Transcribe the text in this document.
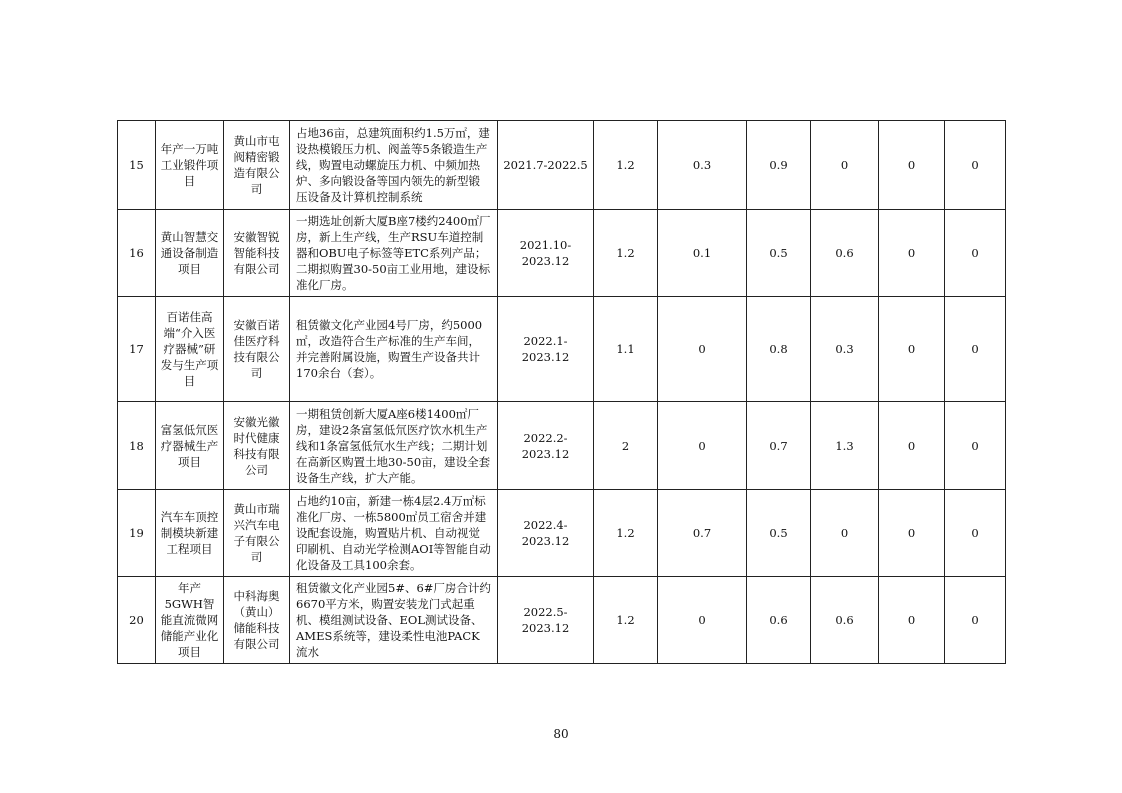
15	年产一万吨工业锻件项目	黄山市屯阀精密锻造有限公司	占地36亩，总建筑面积约1.5万㎡，建设热模锻压力机、阀盖等5条锻造生产线，购置电动螺旋压力机、中频加热炉、多向锻设备等国内领先的新型锻压设备及计算机控制系统	2021.7-2022.5	1.2	0.3	0.9	0	0	0
16	黄山智慧交通设备制造项目	安徽智锐智能科技有限公司	一期选址创新大厦B座7楼约2400㎡厂房，新上生产线，生产RSU车道控制器和OBU电子标签等ETC系列产品；二期拟购置30-50亩工业用地，建设标准化厂房。	2021.10-2023.12	1.2	0.1	0.5	0.6	0	0
17	百诺佳高端“介入医疗器械”研发与生产项目	安徽百诺佳医疗科技有限公司	租赁徽文化产业园4号厂房，约5000㎡，改造符合生产标准的生产车间，并完善附属设施，购置生产设备共计170余台（套）。	2022.1-2023.12	1.1	0	0.8	0.3	0	0
18	富氢低氘医疗器械生产项目	安徽光徽时代健康科技有限公司	一期租赁创新大厦A座6楼1400㎡厂房，建设2条富氢低氘医疗饮水机生产线和1条富氢低氘水生产线；二期计划在高新区购置土地30-50亩，建设全套设备生产线，扩大产能。	2022.2-2023.12	2	0	0.7	1.3	0	0
19	汽车车顶控制模块新建工程项目	黄山市瑞兴汽车电子有限公司	占地约10亩，新建一栋4层2.4万㎡标准化厂房、一栋5800㎡员工宿舍并建设配套设施，购置贴片机、自动视觉印刷机、自动光学检测AOI等智能自动化设备及工具100余套。	2022.4-2023.12	1.2	0.7	0.5	0	0	0
20	年产5GWH智能直流微网储能产业化项目	中科海奥（黄山）储能科技有限公司	租赁徽文化产业园5#、6#厂房合计约6670平方米，购置安装龙门式起重机、模组测试设备、EOL测试设备、AMES系统等，建设柔性电池PACK流水	2022.5-2023.12	1.2	0	0.6	0.6	0	0
80
